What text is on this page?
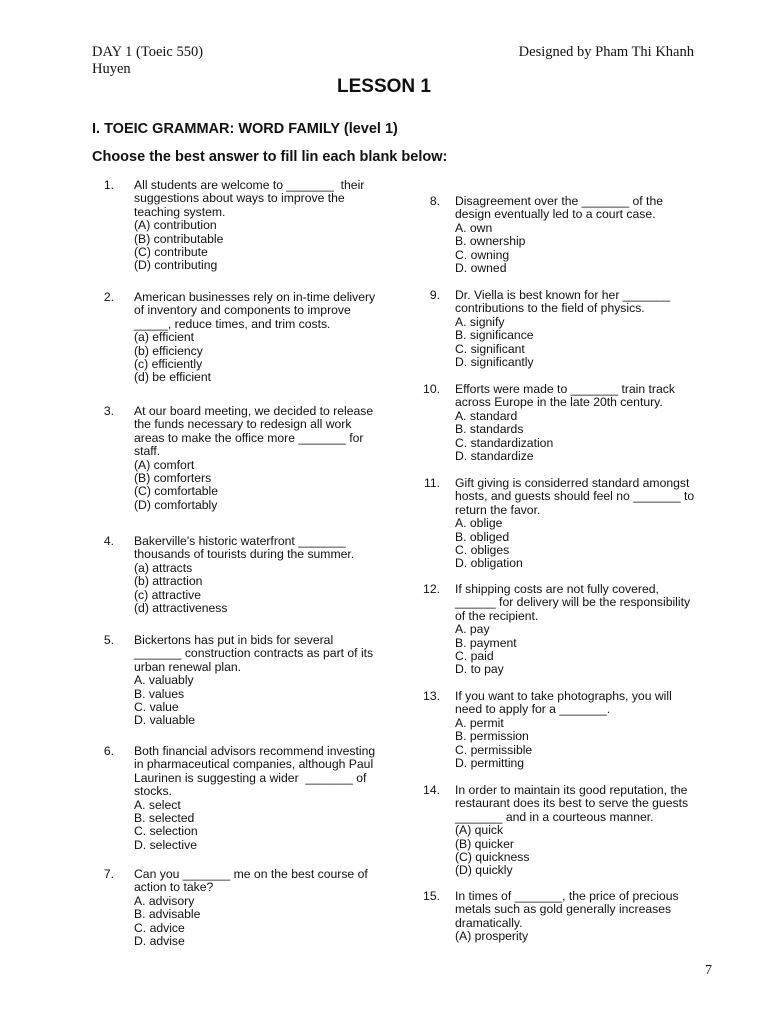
DAY 1 (Toeic 550)
Huyen
Designed by Pham Thi Khanh
LESSON 1
I. TOEIC GRAMMAR: WORD FAMILY (level 1)
Choose the best answer to fill lin each blank below:
1. All students are welcome to _______  their
suggestions about ways to improve the
teaching system.
(A) contribution
(B) contributable
(C) contribute
(D) contributing
2. American businesses rely on in-time delivery
of inventory and components to improve
_____, reduce times, and trim costs.
(a) efficient
(b) efficiency
(c) efficiently
(d) be efficient
3. At our board meeting, we decided to release
the funds necessary to redesign all work
areas to make the office more _______ for
staff.
(A) comfort
(B) comforters
(C) comfortable
(D) comfortably
4. Bakerville's historic waterfront _______
thousands of tourists during the summer.
(a) attracts
(b) attraction
(c) attractive
(d) attractiveness
5. Bickertons has put in bids for several
_______ construction contracts as part of its
urban renewal plan.
A. valuably
B. values
C. value
D. valuable
6. Both financial advisors recommend investing
in pharmaceutical companies, although Paul
Laurinen is suggesting a wider  _______ of
stocks.
A. select
B. selected
C. selection
D. selective
7. Can you _______ me on the best course of
action to take?
A. advisory
B. advisable
C. advice
D. advise
8. Disagreement over the _______ of the
design eventually led to a court case.
A. own
B. ownership
C. owning
D. owned
9. Dr. Viella is best known for her _______
contributions to the field of physics.
A. signify
B. significance
C. significant
D. significantly
10. Efforts were made to _______ train track
across Europe in the late 20th century.
A. standard
B. standards
C. standardization
D. standardize
11. Gift giving is considerred standard amongst
hosts, and guests should feel no _______ to
return the favor.
A. oblige
B. obliged
C. obliges
D. obligation
12. If shipping costs are not fully covered,
______ for delivery will be the responsibility
of the recipient.
A. pay
B. payment
C. paid
D. to pay
13. If you want to take photographs, you will
need to apply for a _______.
A. permit
B. permission
C. permissible
D. permitting
14. In order to maintain its good reputation, the
restaurant does its best to serve the guests
_______ and in a courteous manner.
(A) quick
(B) quicker
(C) quickness
(D) quickly
15. In times of _______, the price of precious
metals such as gold generally increases
dramatically.
(A) prosperity
7
